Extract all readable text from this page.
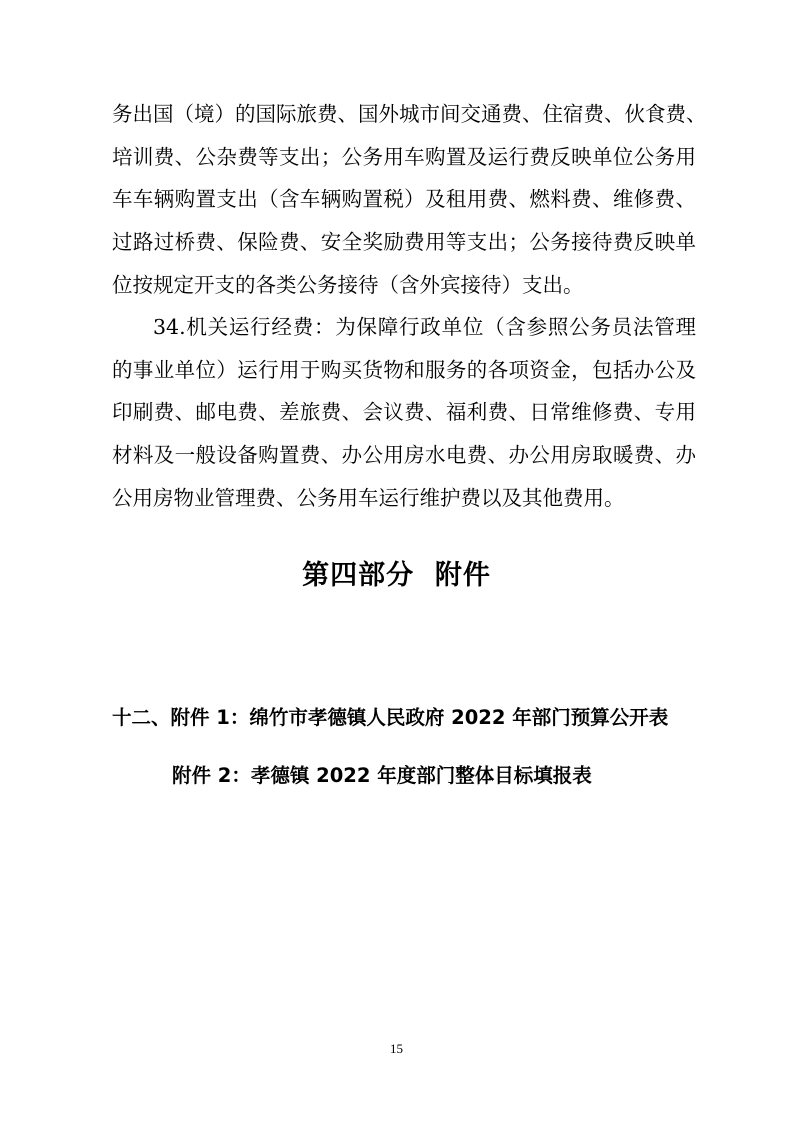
务出国（境）的国际旅费、国外城市间交通费、住宿费、伙食费、
培训费、公杂费等支出；公务用车购置及运行费反映单位公务用
车车辆购置支出（含车辆购置税）及租用费、燃料费、维修费、
过路过桥费、保险费、安全奖励费用等支出；公务接待费反映单
位按规定开支的各类公务接待（含外宾接待）支出。
34.机关运行经费：为保障行政单位（含参照公务员法管理
的事业单位）运行用于购买货物和服务的各项资金，包括办公及
印刷费、邮电费、差旅费、会议费、福利费、日常维修费、专用
材料及一般设备购置费、办公用房水电费、办公用房取暖费、办
公用房物业管理费、公务用车运行维护费以及其他费用。
第四部分  附件

十二、附件 1：绵竹市孝德镇人民政府 2022 年部门预算公开表

附件 2：孝德镇 2022 年度部门整体目标填报表

15
